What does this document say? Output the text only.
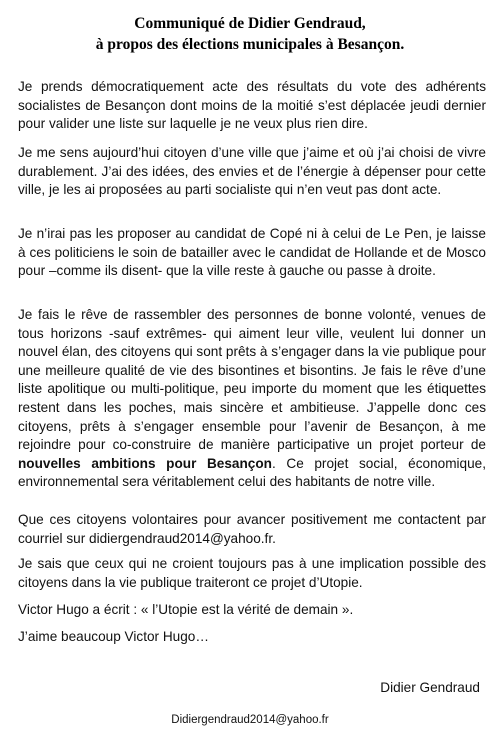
Communiqué de Didier Gendraud,
à propos des élections municipales à Besançon.
Je prends démocratiquement acte des résultats du vote des adhérents socialistes de Besançon dont moins de la moitié s’est déplacée jeudi dernier pour valider une liste sur laquelle je ne veux plus rien dire.
Je me sens aujourd’hui citoyen d’une ville que j’aime et où j’ai choisi de vivre durablement. J’ai des idées, des envies et de l’énergie à dépenser pour cette ville, je les ai proposées au parti socialiste qui n’en veut pas dont acte.
Je n’irai pas les proposer au candidat de Copé ni à celui de Le Pen, je laisse à ces politiciens le soin de batailler avec le candidat de Hollande et de Mosco pour –comme ils disent- que la ville reste à gauche ou passe à droite.
Je fais le rêve de rassembler des personnes de bonne volonté, venues de tous horizons -sauf extrêmes- qui aiment leur ville, veulent lui donner un nouvel élan, des citoyens qui sont prêts à s’engager dans la vie publique pour une meilleure qualité de vie des bisontines et bisontins. Je fais le rêve d’une liste apolitique ou multi-politique, peu importe du moment que les étiquettes restent dans les poches, mais sincère et ambitieuse. J’appelle donc ces citoyens, prêts à s’engager ensemble pour l’avenir de Besançon, à me rejoindre pour co-construire de manière participative un projet porteur de nouvelles ambitions pour Besançon. Ce projet social, économique, environnemental sera véritablement celui des habitants de notre ville.
Que ces citoyens volontaires pour avancer positivement me contactent par courriel sur didiergendraud2014@yahoo.fr.
Je sais que ceux qui ne croient toujours pas à une implication possible des citoyens dans la vie publique traiteront ce projet d’Utopie.
Victor Hugo a écrit : « l’Utopie est la vérité de demain ».
J’aime beaucoup Victor Hugo…
Didier Gendraud
Didiergendraud2014@yahoo.fr
